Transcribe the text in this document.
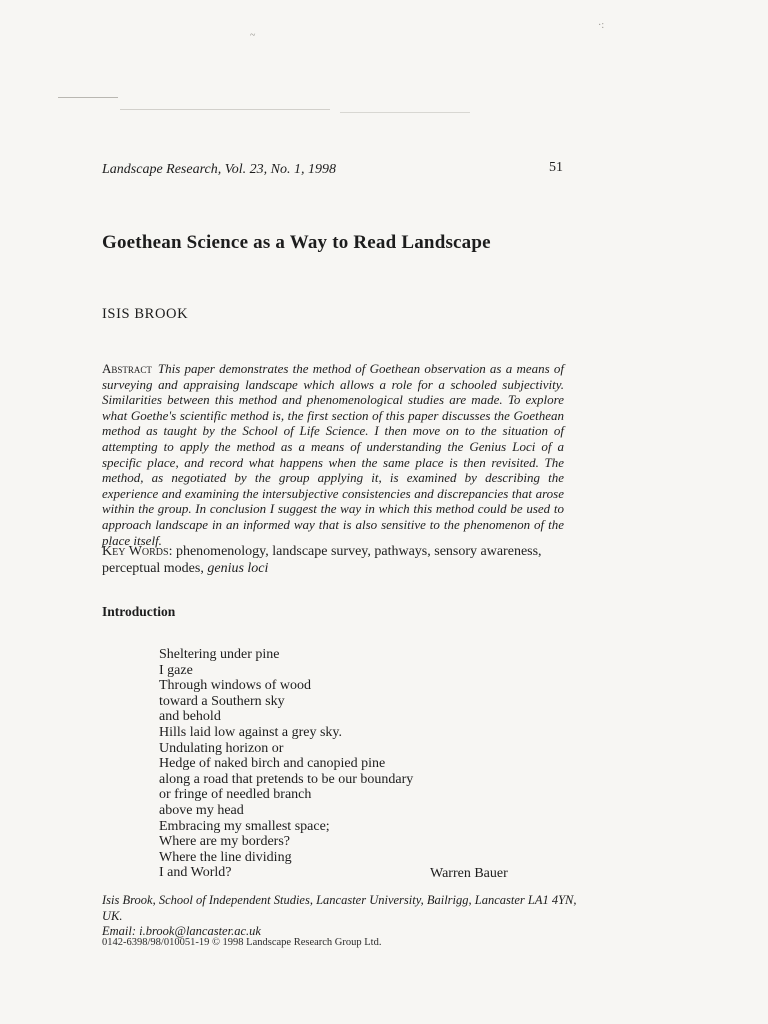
·:
~
Landscape Research, Vol. 23, No. 1, 1998	51
Goethean Science as a Way to Read Landscape
ISIS BROOK
Abstract This paper demonstrates the method of Goethean observation as a means of surveying and appraising landscape which allows a role for a schooled subjectivity. Similarities between this method and phenomenological studies are made. To explore what Goethe's scientific method is, the first section of this paper discusses the Goethean method as taught by the School of Life Science. I then move on to the situation of attempting to apply the method as a means of understanding the Genius Loci of a specific place, and record what happens when the same place is then revisited. The method, as negotiated by the group applying it, is examined by describing the experience and examining the intersubjective consistencies and discrepancies that arose within the group. In conclusion I suggest the way in which this method could be used to approach landscape in an informed way that is also sensitive to the phenomenon of the place itself.
Key Words: phenomenology, landscape survey, pathways, sensory awareness, perceptual modes, genius loci
Introduction
Sheltering under pine
I gaze
Through windows of wood
toward a Southern sky
and behold
Hills laid low against a grey sky.
Undulating horizon or
Hedge of naked birch and canopied pine
along a road that pretends to be our boundary
or fringe of needled branch
above my head
Embracing my smallest space;
Where are my borders?
Where the line dividing
I and World?	Warren Bauer
Isis Brook, School of Independent Studies, Lancaster University, Bailrigg, Lancaster LA1 4YN, UK.
Email: i.brook@lancaster.ac.uk
0142-6398/98/010051-19 © 1998 Landscape Research Group Ltd.
